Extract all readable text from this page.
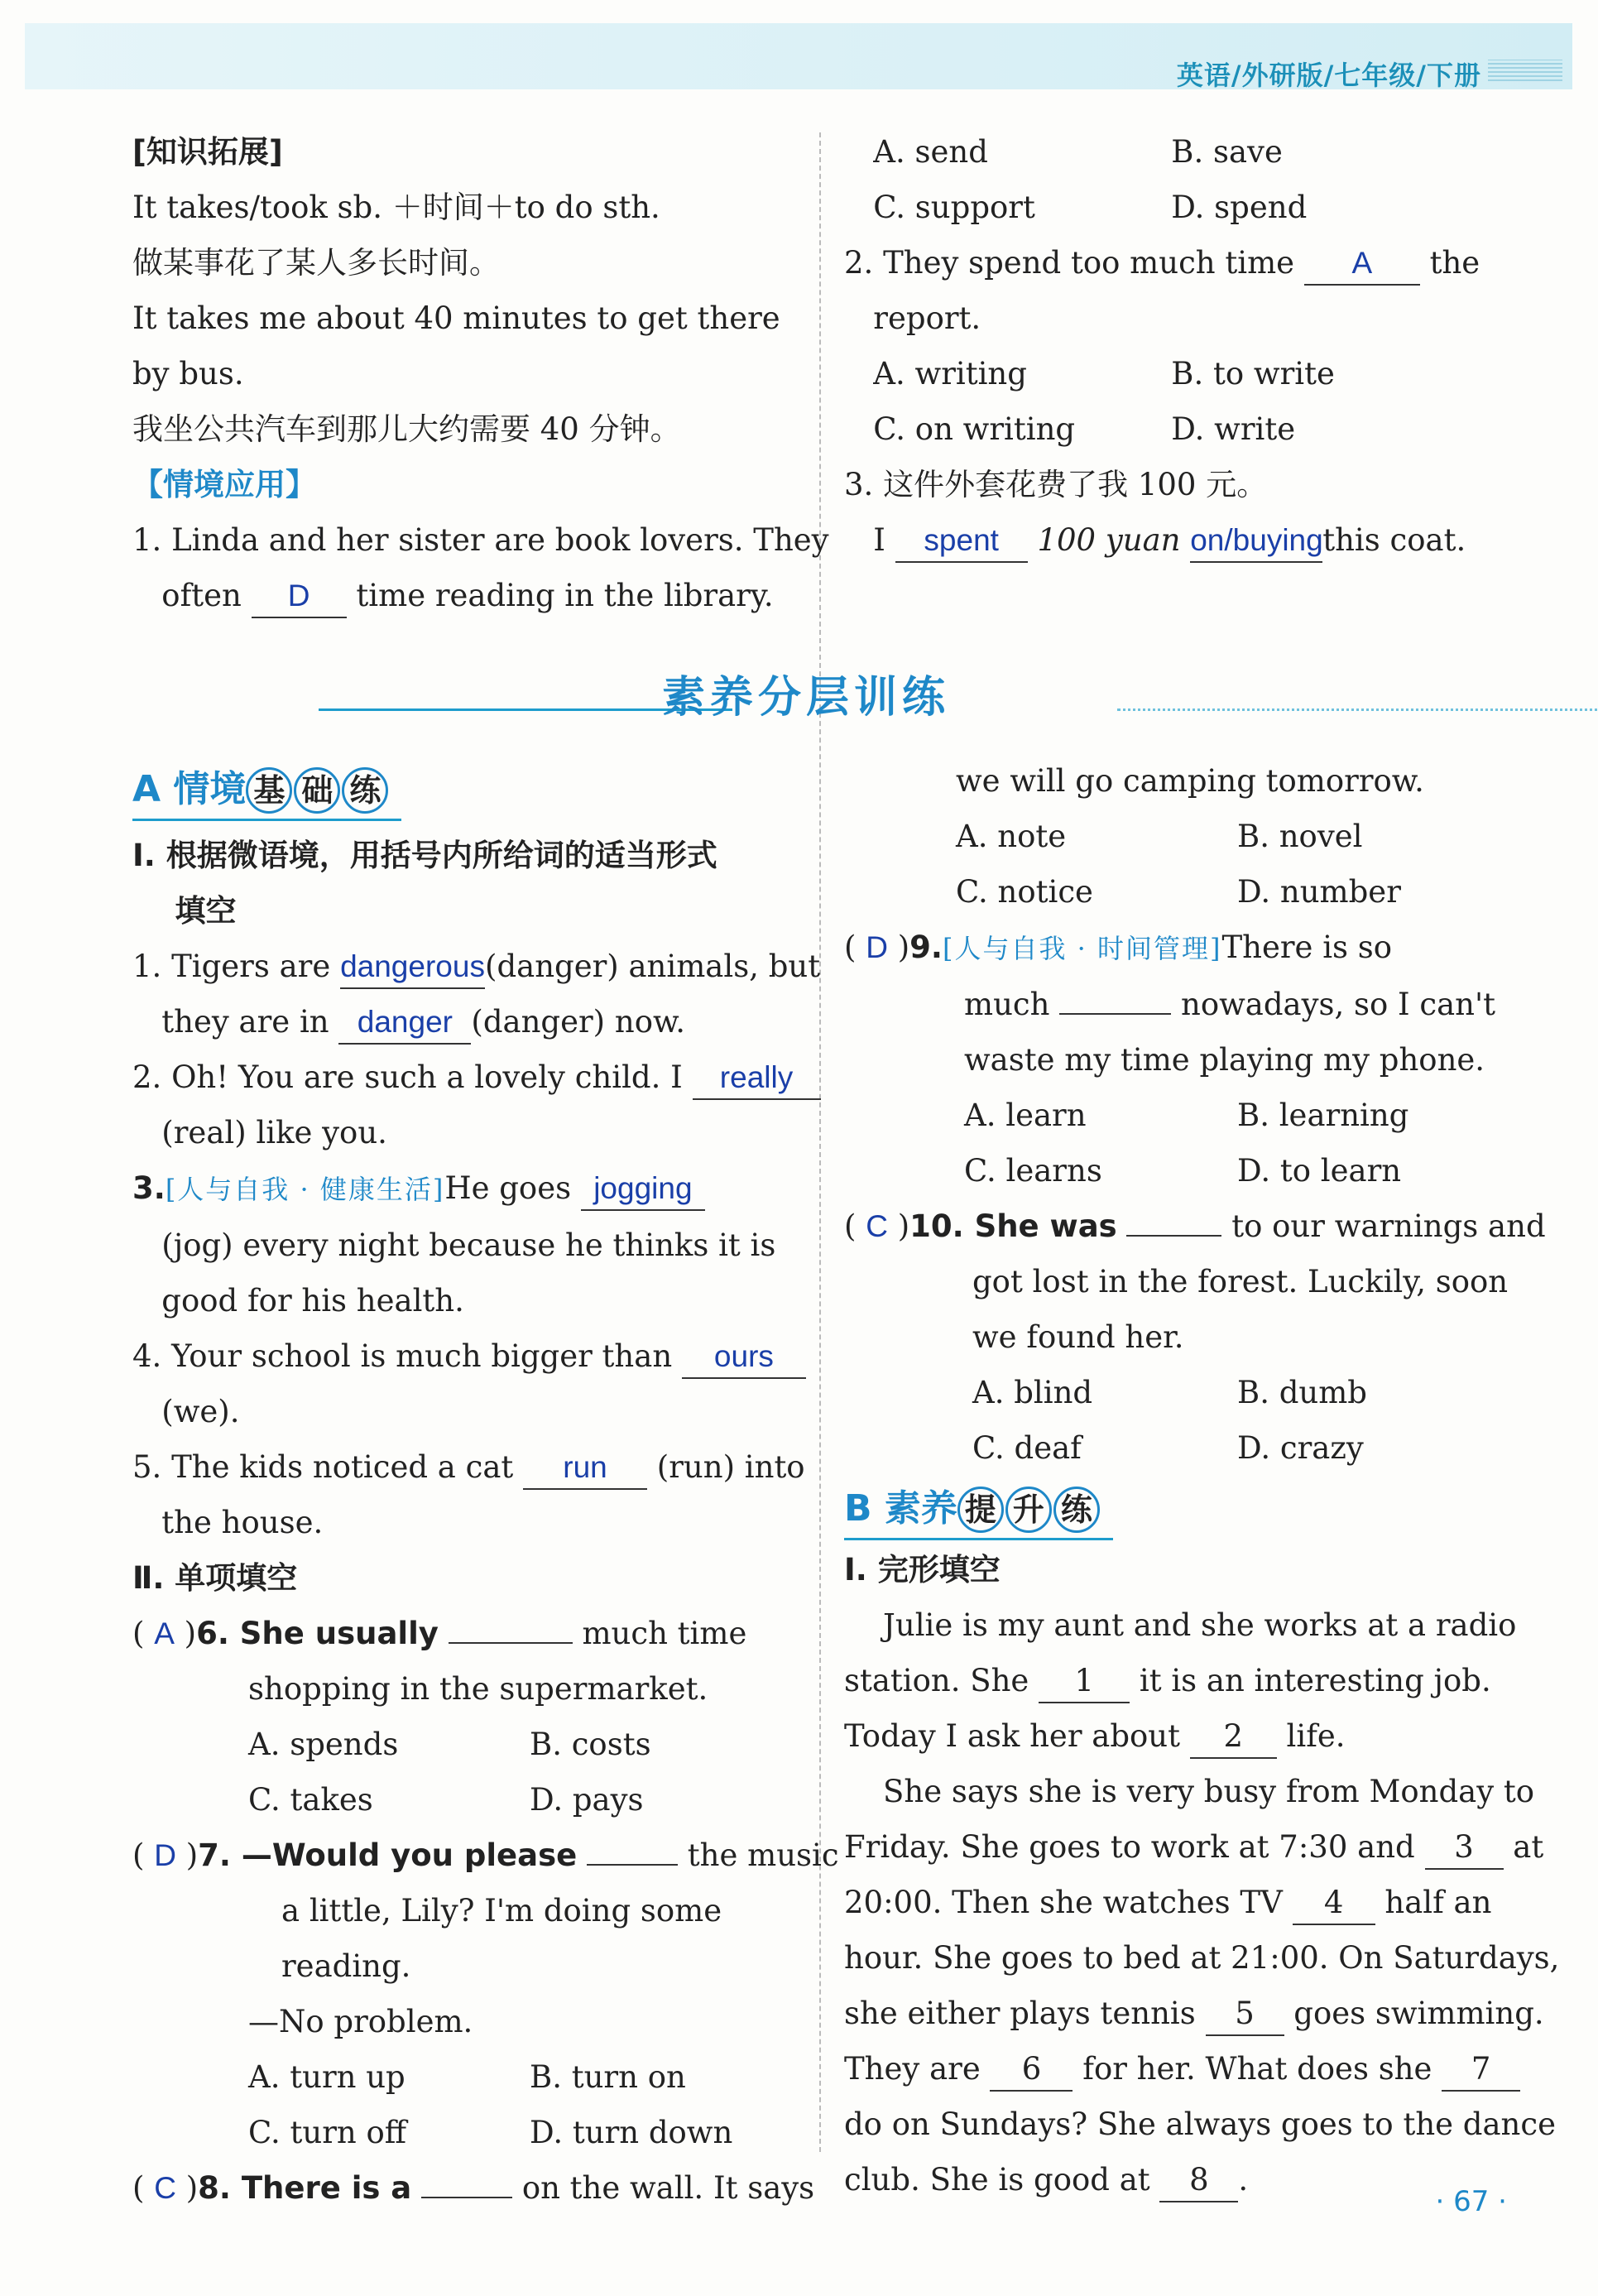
英语/外研版/七年级/下册
[知识拓展]
It takes/took sb. ＋时间＋to do sth.
做某事花了某人多长时间。
It takes me about 40 minutes to get there
by bus.
我坐公共汽车到那儿大约需要 40 分钟。
【情境应用】
1. Linda and her sister are book lovers. They
often D time reading in the library.
A. send	B. save
C. support	D. spend
2. They spend too much time A the
report.
A. writing	B. to write
C. on writing	D. write
3. 这件外套花费了我 100 元。
I spent 100 yuan on/buyingthis coat.
素养分层训练
A 情境 基 础 练
Ⅰ. 根据微语境，用括号内所给词的适当形式
填空
1. Tigers are dangerous(danger) animals, but
they are in danger (danger) now.
2. Oh! You are such a lovely child. I really
(real) like you.
3.[人与自我 · 健康生活]He goes jogging
(jog) every night because he thinks it is
good for his health.
4. Your school is much bigger than ours
(we).
5. The kids noticed a cat run (run) into
the house.
Ⅱ. 单项填空
( A )6. She usually	much time
shopping in the supermarket.
A. spends	B. costs
C. takes	D. pays
( D )7. —Would you please	the music
a little, Lily? I'm doing some
reading.
—No problem.
A. turn up	B. turn on
C. turn off	D. turn down
( C )8. There is a	on the wall. It says
we will go camping tomorrow.
A. note	B. novel
C. notice	D. number
( D )9.[人与自我 · 时间管理]There is so
much	nowadays, so I can't
waste my time playing my phone.
A. learn	B. learning
C. learns	D. to learn
( C )10. She was	to our warnings and
got lost in the forest. Luckily, soon
we found her.
A. blind	B. dumb
C. deaf	D. crazy
B 素养 提 升 练
Ⅰ. 完形填空
Julie is my aunt and she works at a radio
station. She 1 it is an interesting job.
Today I ask her about 2 life.
She says she is very busy from Monday to
Friday. She goes to work at 7:30 and 3 at
20:00. Then she watches TV 4 half an
hour. She goes to bed at 21:00. On Saturdays,
she either plays tennis 5 goes swimming.
They are 6 for her. What does she 7
do on Sundays? She always goes to the dance
club. She is good at 8 .
· 67 ·
